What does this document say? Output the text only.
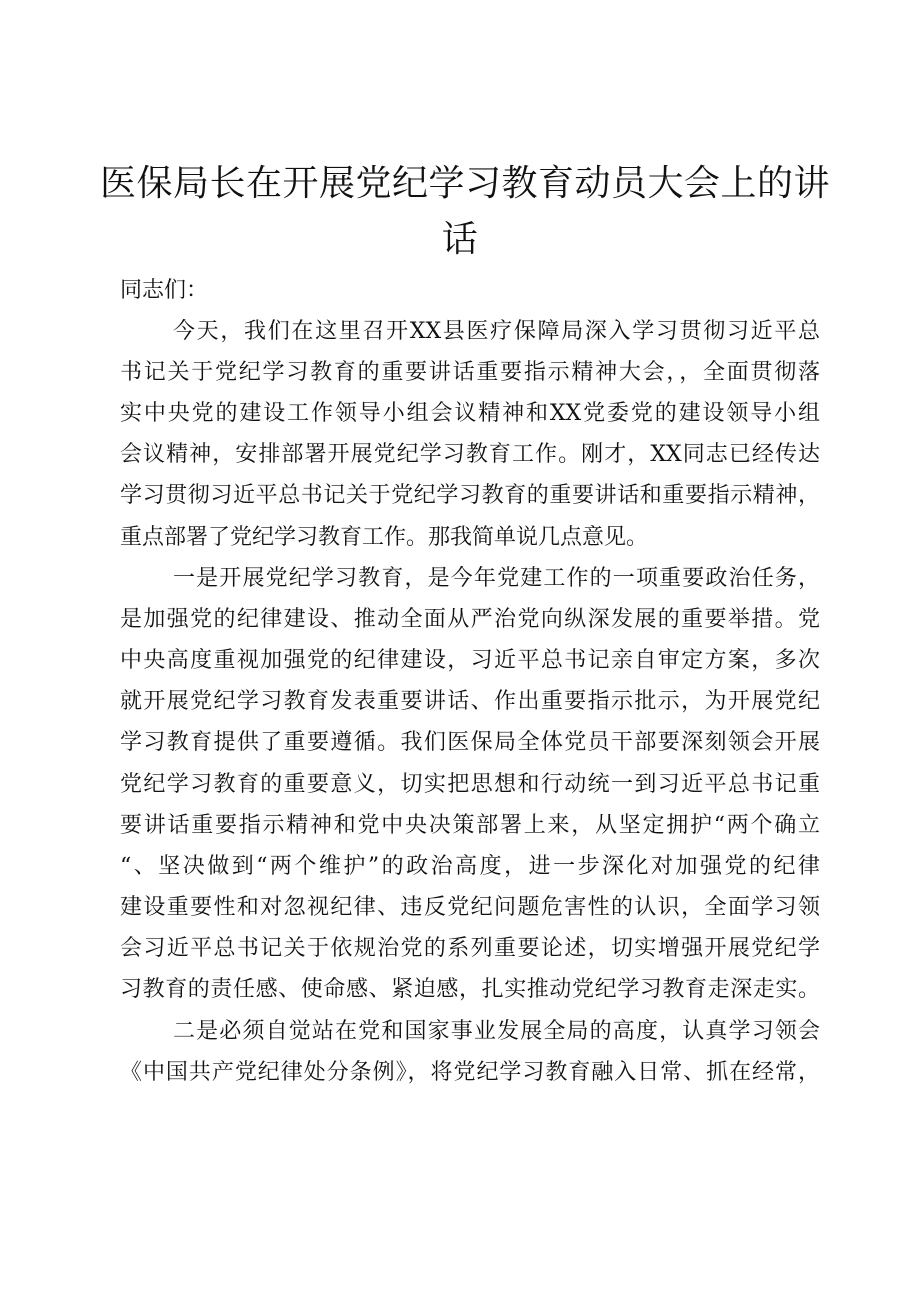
医保局长在开展党纪学习教育动员大会上的讲
话
同志们：
今天，我们在这里召开XX县医疗保障局深入学习贯彻习近平总
书记关于党纪学习教育的重要讲话重要指示精神大会，，全面贯彻落
实中央党的建设工作领导小组会议精神和XX党委党的建设领导小组
会议精神，安排部署开展党纪学习教育工作。刚才，XX同志已经传达
学习贯彻习近平总书记关于党纪学习教育的重要讲话和重要指示精神，
重点部署了党纪学习教育工作。那我简单说几点意见。
一是开展党纪学习教育，是今年党建工作的一项重要政治任务，
是加强党的纪律建设、推动全面从严治党向纵深发展的重要举措。党
中央高度重视加强党的纪律建设，习近平总书记亲自审定方案，多次
就开展党纪学习教育发表重要讲话、作出重要指示批示，为开展党纪
学习教育提供了重要遵循。我们医保局全体党员干部要深刻领会开展
党纪学习教育的重要意义，切实把思想和行动统一到习近平总书记重
要讲话重要指示精神和党中央决策部署上来，从坚定拥护“两个确立
“、坚决做到“两个维护”的政治高度，进一步深化对加强党的纪律
建设重要性和对忽视纪律、违反党纪问题危害性的认识，全面学习领
会习近平总书记关于依规治党的系列重要论述，切实增强开展党纪学
习教育的责任感、使命感、紧迫感，扎实推动党纪学习教育走深走实。
二是必须自觉站在党和国家事业发展全局的高度，认真学习领会
《中国共产党纪律处分条例》，将党纪学习教育融入日常、抓在经常，
